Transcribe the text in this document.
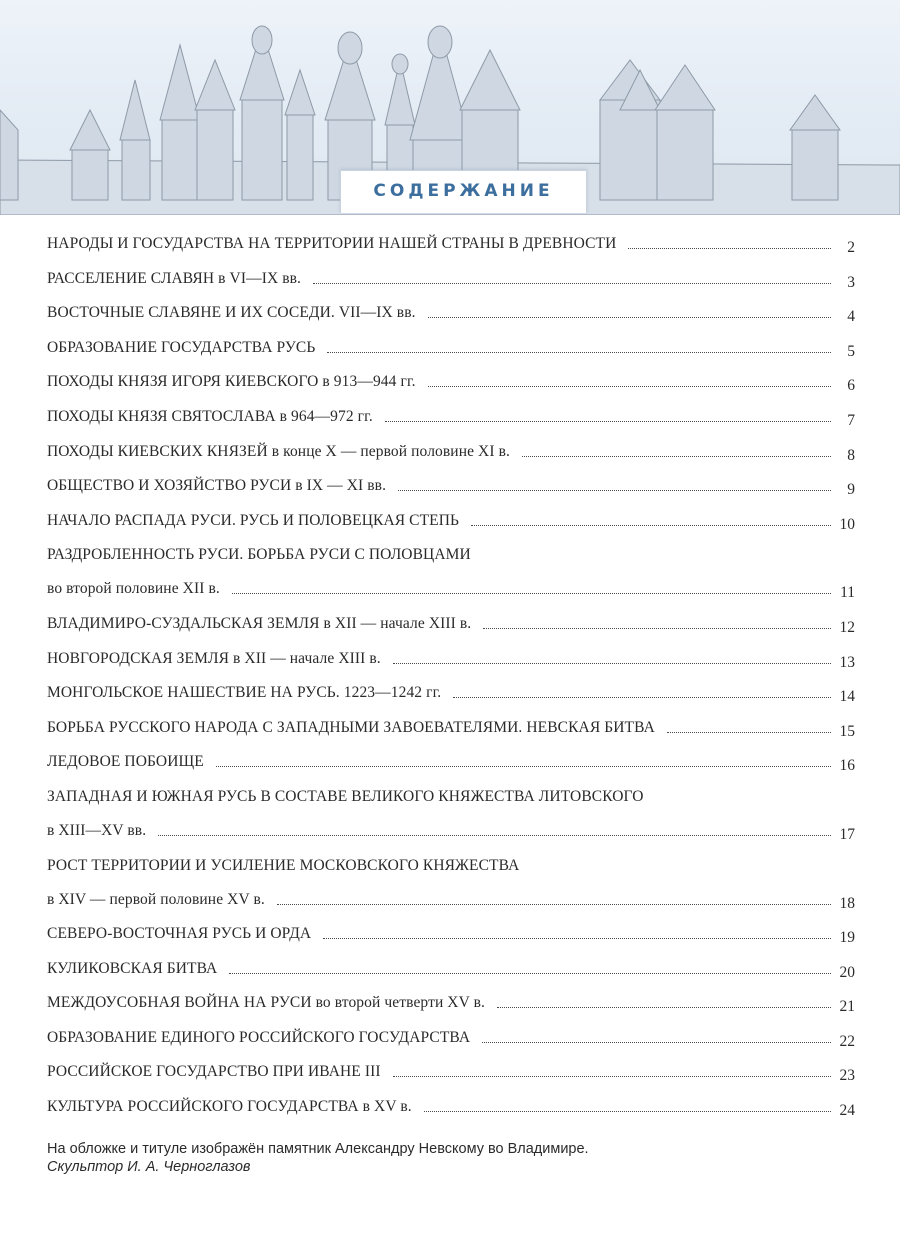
СОДЕРЖАНИЕ
НАРОДЫ И ГОСУДАРСТВА НА ТЕРРИТОРИИ НАШЕЙ СТРАНЫ В ДРЕВНОСТИ	2
РАССЕЛЕНИЕ СЛАВЯН в VI—IX вв.	3
ВОСТОЧНЫЕ СЛАВЯНЕ И ИХ СОСЕДИ. VII—IX вв.	4
ОБРАЗОВАНИЕ ГОСУДАРСТВА РУСЬ	5
ПОХОДЫ КНЯЗЯ ИГОРЯ КИЕВСКОГО в 913—944 гг.	6
ПОХОДЫ КНЯЗЯ СВЯТОСЛАВА в 964—972 гг.	7
ПОХОДЫ КИЕВСКИХ КНЯЗЕЙ в конце X — первой половине XI в.	8
ОБЩЕСТВО И ХОЗЯЙСТВО РУСИ в IX — XI вв.	9
НАЧАЛО РАСПАДА РУСИ. РУСЬ И ПОЛОВЕЦКАЯ СТЕПЬ	10
РАЗДРОБЛЕННОСТЬ РУСИ. БОРЬБА РУСИ С ПОЛОВЦАМИ
во второй половине XII в.	11
ВЛАДИМИРО-СУЗДАЛЬСКАЯ ЗЕМЛЯ в XII — начале XIII в.	12
НОВГОРОДСКАЯ ЗЕМЛЯ в XII — начале XIII в.	13
МОНГОЛЬСКОЕ НАШЕСТВИЕ НА РУСЬ. 1223—1242 гг.	14
БОРЬБА РУССКОГО НАРОДА С ЗАПАДНЫМИ ЗАВОЕВАТЕЛЯМИ. НЕВСКАЯ БИТВА	15
ЛЕДОВОЕ ПОБОИЩЕ	16
ЗАПАДНАЯ И ЮЖНАЯ РУСЬ В СОСТАВЕ ВЕЛИКОГО КНЯЖЕСТВА ЛИТОВСКОГО
в XIII—XV вв.	17
РОСТ ТЕРРИТОРИИ И УСИЛЕНИЕ МОСКОВСКОГО КНЯЖЕСТВА
в XIV — первой половине XV в.	18
СЕВЕРО-ВОСТОЧНАЯ РУСЬ И ОРДА	19
КУЛИКОВСКАЯ БИТВА	20
МЕЖДОУСОБНАЯ ВОЙНА НА РУСИ во второй четверти XV в.	21
ОБРАЗОВАНИЕ ЕДИНОГО РОССИЙСКОГО ГОСУДАРСТВА	22
РОССИЙСКОЕ ГОСУДАРСТВО ПРИ ИВАНЕ III	23
КУЛЬТУРА РОССИЙСКОГО ГОСУДАРСТВА в XV в.	24
На обложке и титуле изображён памятник Александру Невскому во Владимире.
Скульптор И. А. Черноглазов
